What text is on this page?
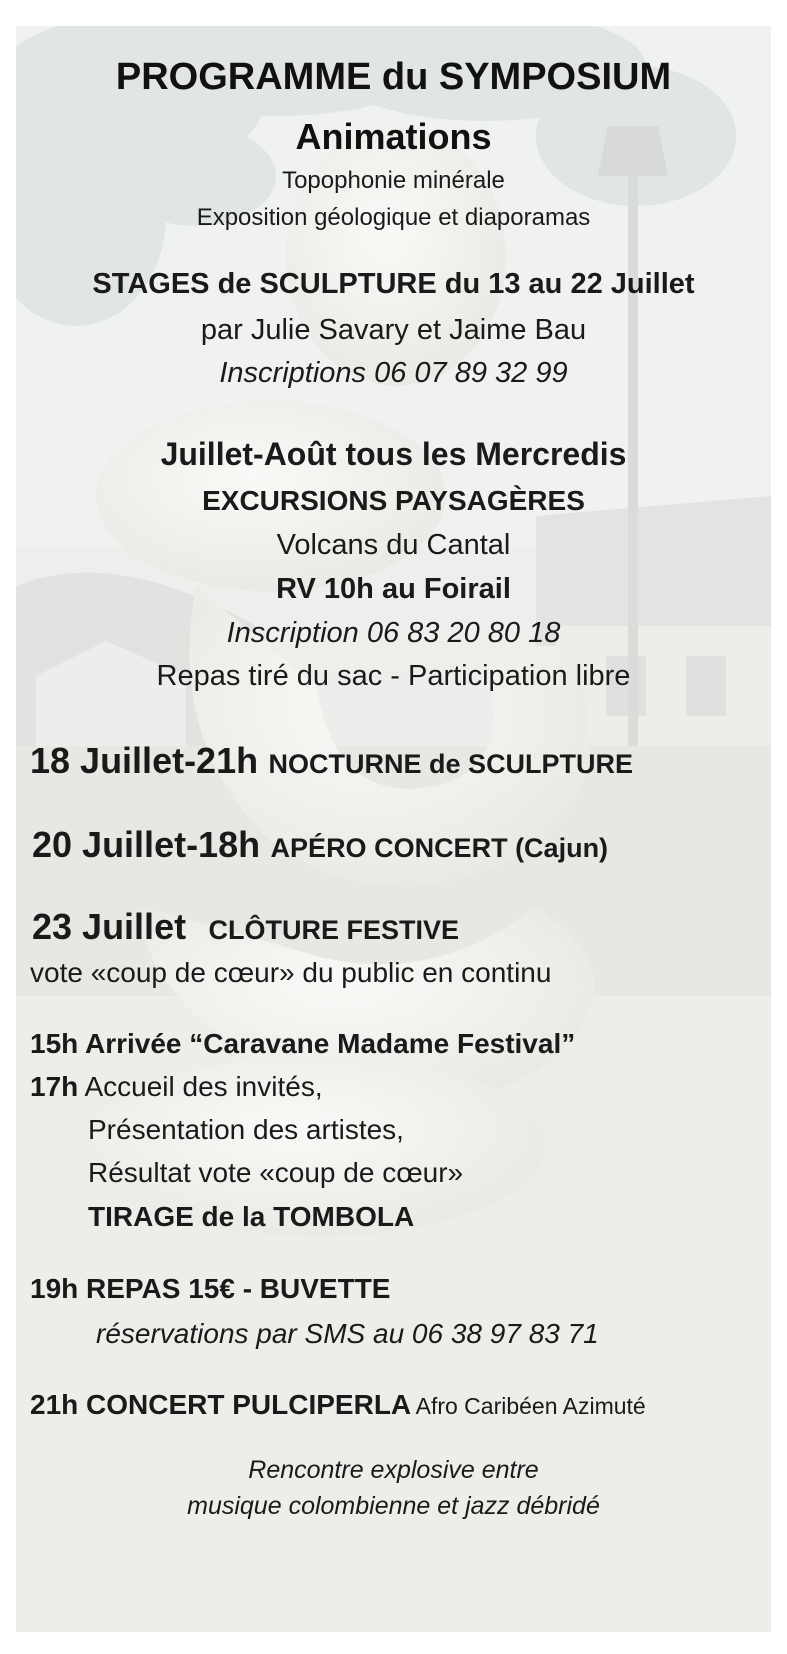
PROGRAMME du SYMPOSIUM
Animations
Topophonie minérale
Exposition géologique et diaporamas
STAGES de SCULPTURE du 13 au 22 Juillet
par Julie Savary et Jaime Bau
Inscriptions 06 07 89 32 99
Juillet-Août tous les Mercredis
EXCURSIONS PAYSAGÈRES
Volcans du Cantal
RV 10h au Foirail
Inscription 06 83 20 80 18
Repas tiré du sac - Participation libre
18 Juillet-21h NOCTURNE de SCULPTURE
20 Juillet-18h APÉRO CONCERT (Cajun)
23 Juillet CLÔTURE FESTIVE
vote «coup de cœur» du public en continu
15h Arrivée “Caravane Madame Festival”
17h Accueil des invités,
Présentation des artistes,
Résultat vote «coup de cœur»
TIRAGE de la TOMBOLA
19h REPAS 15€ - BUVETTE
réservations par SMS au 06 38 97 83 71
21h CONCERT PULCIPERLA Afro Caribéen Azimuté
Rencontre explosive entre
musique colombienne et jazz débridé
